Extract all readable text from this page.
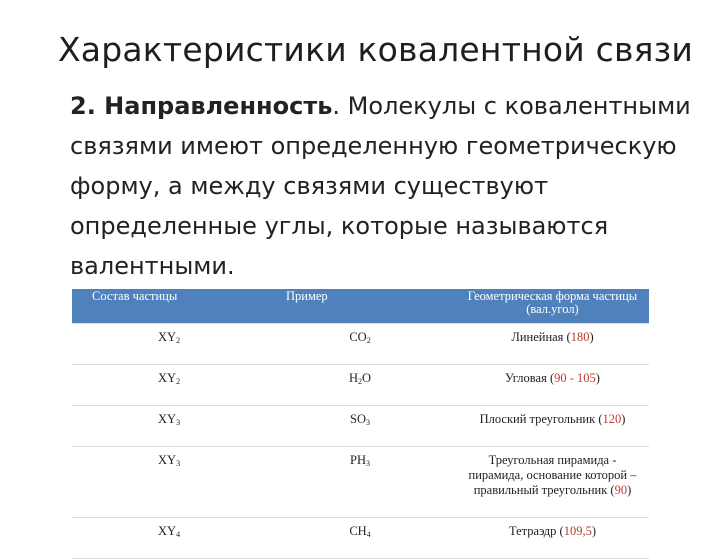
Характеристики ковалентной связи
2. Направленность. Молекулы с ковалентными связями имеют определенную геометрическую форму, а между связями существуют определенные углы, которые называются валентными.
Состав частицы	Пример	Геометрическая форма частицы (вал.угол)
$XY_2$	$CO_2$	Линейная (180)
$XY_2$	$H_2O$	Угловая (90 - 105)
$XY_3$	$SO_3$	Плоский треугольник (120)
$XY_3$	$PH_3$	Треугольная пирамида - пирамида, основание которой – правильный треугольник (90)
$XY_4$	$CH_4$	Тетраэдр (109,5)
